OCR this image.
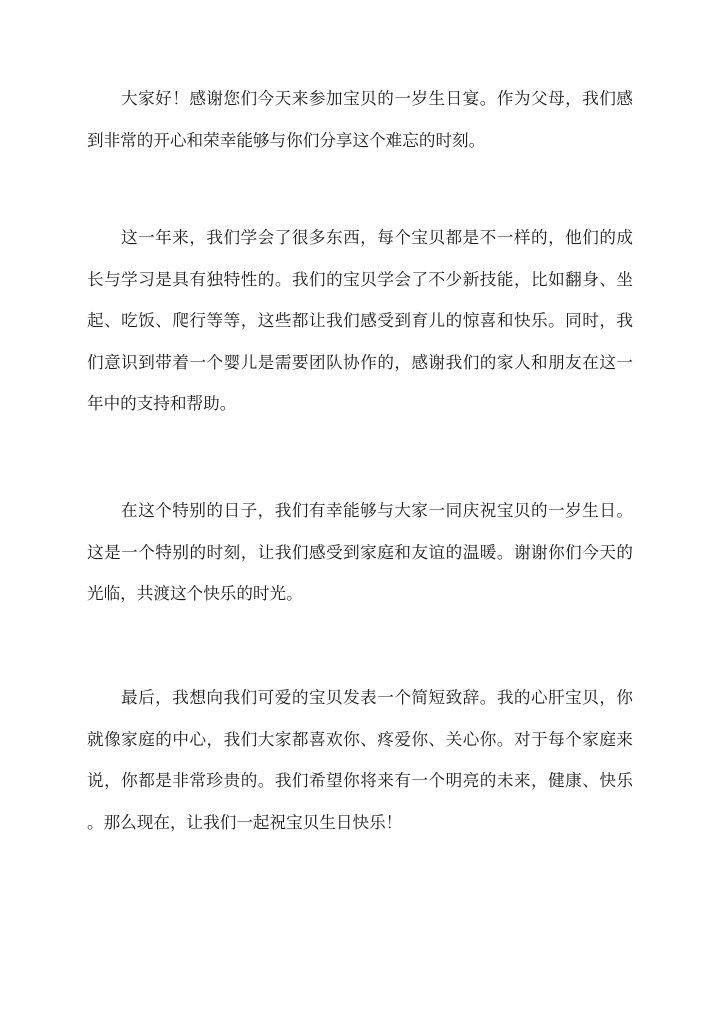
大家好！感谢您们今天来参加宝贝的一岁生日宴。作为父母，我们感
到非常的开心和荣幸能够与你们分享这个难忘的时刻。

这一年来，我们学会了很多东西，每个宝贝都是不一样的，他们的成
长与学习是具有独特性的。我们的宝贝学会了不少新技能，比如翻身、坐
起、吃饭、爬行等等，这些都让我们感受到育儿的惊喜和快乐。同时，我
们意识到带着一个婴儿是需要团队协作的，感谢我们的家人和朋友在这一
年中的支持和帮助。

在这个特别的日子，我们有幸能够与大家一同庆祝宝贝的一岁生日。
这是一个特别的时刻，让我们感受到家庭和友谊的温暖。谢谢你们今天的
光临，共渡这个快乐的时光。

最后，我想向我们可爱的宝贝发表一个简短致辞。我的心肝宝贝，你
就像家庭的中心，我们大家都喜欢你、疼爱你、关心你。对于每个家庭来
说，你都是非常珍贵的。我们希望你将来有一个明亮的未来，健康、快乐
。那么现在，让我们一起祝宝贝生日快乐！
